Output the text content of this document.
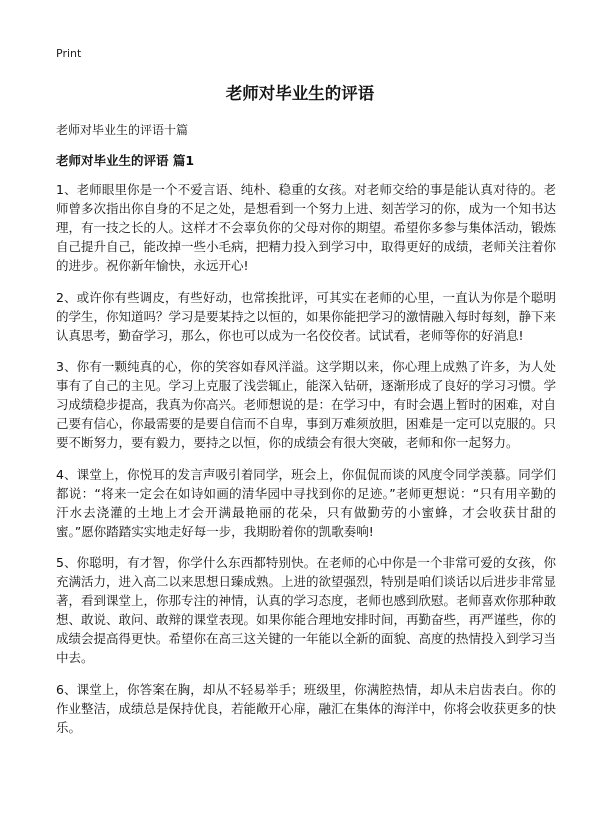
Print
老师对毕业生的评语
老师对毕业生的评语十篇
老师对毕业生的评语 篇1

1、老师眼里你是一个不爱言语、纯朴、稳重的女孩。对老师交给的事是能认真对待的。老师曾多次指出你自身的不足之处，是想看到一个努力上进、刻苦学习的你，成为一个知书达理，有一技之长的人。这样才不会辜负你的父母对你的期望。希望你多参与集体活动，锻炼自己提升自己，能改掉一些小毛病，把精力投入到学习中，取得更好的成绩，老师关注着你的进步。祝你新年愉快，永远开心!

2、或许你有些调皮，有些好动，也常挨批评，可其实在老师的心里，一直认为你是个聪明的学生，你知道吗？学习是要某持之以恒的，如果你能把学习的激情融入每时每刻，静下来认真思考，勤奋学习，那么，你也可以成为一名佼佼者。试试看，老师等你的好消息!

3、你有一颗纯真的心，你的笑容如春风洋溢。这学期以来，你心理上成熟了许多，为人处事有了自己的主见。学习上克服了浅尝辄止，能深入钻研，逐渐形成了良好的学习习惯。学习成绩稳步提高，我真为你高兴。老师想说的是：在学习中，有时会遇上暂时的困难，对自己要有信心，你最需要的是要自信而不自卑，事到万难须放胆，困难是一定可以克服的。只要不断努力，要有毅力，要持之以恒，你的成绩会有很大突破，老师和你一起努力。

4、课堂上，你悦耳的发言声吸引着同学，班会上，你侃侃而谈的风度令同学羡慕。同学们都说：“将来一定会在如诗如画的清华园中寻找到你的足迹。”老师更想说：“只有用辛勤的汗水去浇灌的土地上才会开满最艳丽的花朵，只有做勤劳的小蜜蜂，才会收获甘甜的蜜。”愿你踏踏实实地走好每一步，我期盼着你的凯歌奏响!

5、你聪明，有才智，你学什么东西都特别快。在老师的心中你是一个非常可爱的女孩，你充满活力，进入高二以来思想日臻成熟。上进的欲望强烈，特别是咱们谈话以后进步非常显著，看到课堂上，你那专注的神情，认真的学习态度，老师也感到欣慰。老师喜欢你那种敢想、敢说、敢问、敢辩的课堂表现。如果你能合理地安排时间，再勤奋些，再严谨些，你的成绩会提高得更快。希望你在高三这关键的一年能以全新的面貌、高度的热情投入到学习当中去。

6、课堂上，你答案在胸，却从不轻易举手；班级里，你满腔热情，却从未启齿表白。你的作业整洁，成绩总是保持优良，若能敞开心扉，融汇在集体的海洋中，你将会收获更多的快乐。
